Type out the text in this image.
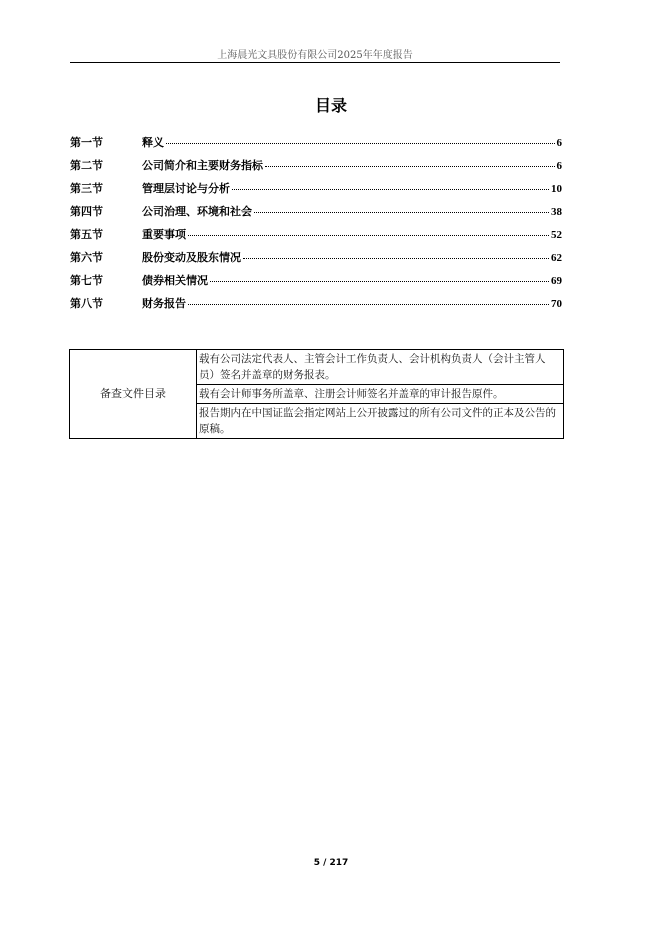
上海晨光文具股份有限公司2025年年度报告
目录
第一节	释义	6
第二节	公司简介和主要财务指标	6
第三节	管理层讨论与分析	10
第四节	公司治理、环境和社会	38
第五节	重要事项	52
第六节	股份变动及股东情况	62
第七节	债券相关情况	69
第八节	财务报告	70
备查文件目录	载有公司法定代表人、主管会计工作负责人、会计机构负责人（会计主管人员）签名并盖章的财务报表。
载有会计师事务所盖章、注册会计师签名并盖章的审计报告原件。
报告期内在中国证监会指定网站上公开披露过的所有公司文件的正本及公告的原稿。
5 / 217
